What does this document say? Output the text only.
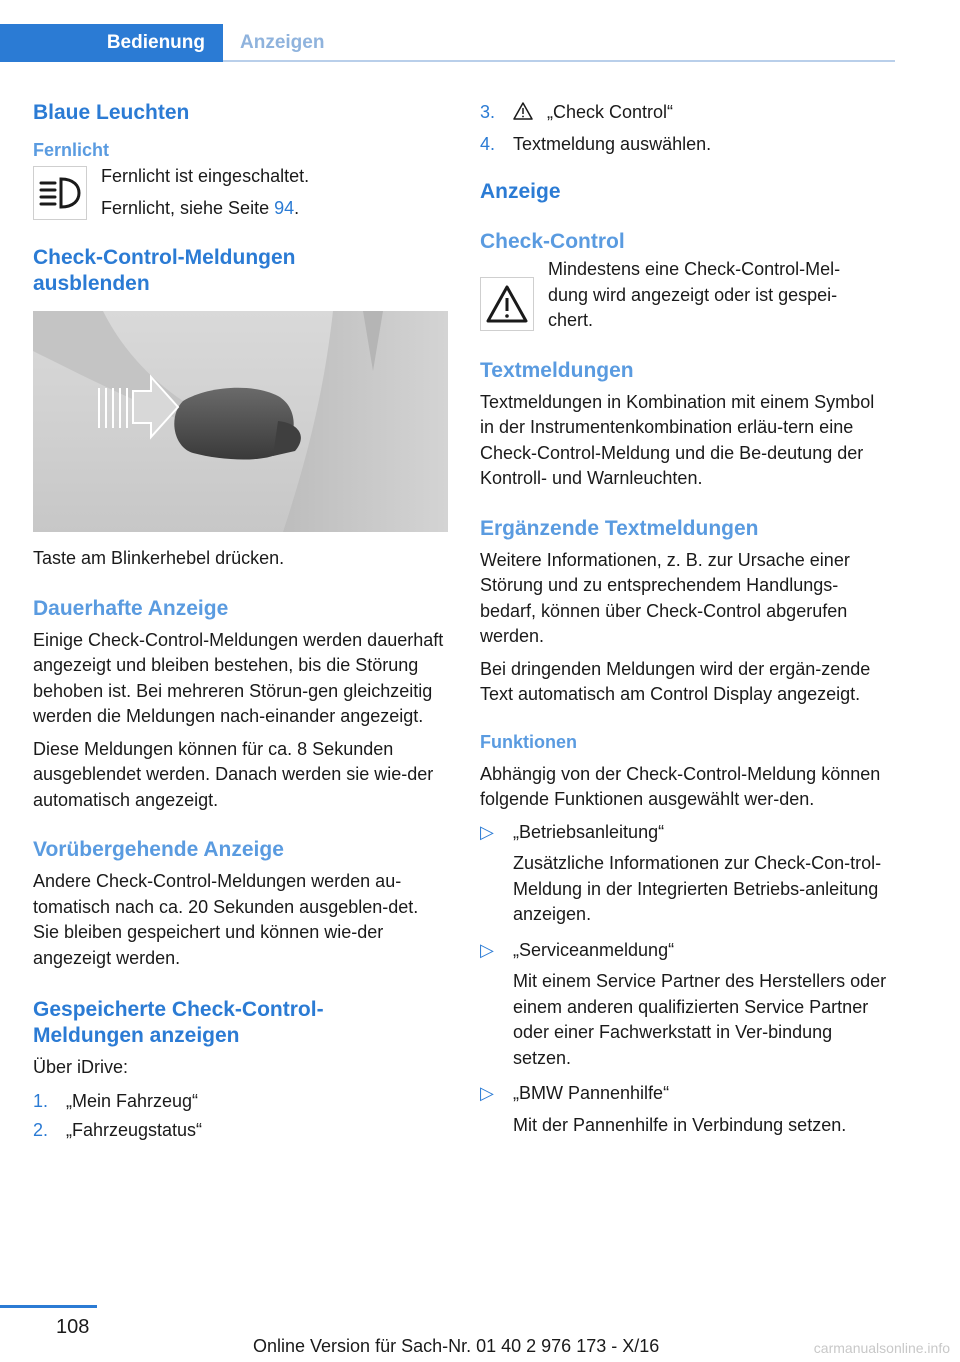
Bedienung	Anzeigen
Blaue Leuchten
Fernlicht

Fernlicht ist eingeschaltet.

Fernlicht, siehe Seite 94.

Check-Control-Meldungen ausblenden

Taste am Blinkerhebel drücken.

Dauerhafte Anzeige

Einige Check-Control-Meldungen werden dauerhaft angezeigt und bleiben bestehen, bis die Störung behoben ist. Bei mehreren Störun-gen gleichzeitig werden die Meldungen nach-einander angezeigt.

Diese Meldungen können für ca. 8 Sekunden ausgeblendet werden. Danach werden sie wie-der automatisch angezeigt.

Vorübergehende Anzeige

Andere Check-Control-Meldungen werden au-tomatisch nach ca. 20 Sekunden ausgeblen-det. Sie bleiben gespeichert und können wie-der angezeigt werden.

Gespeicherte Check-Control-Meldungen anzeigen

Über iDrive:

1. „Mein Fahrzeug“
2. „Fahrzeugstatus“
3.	„Check Control“
4. Textmeldung auswählen.
Anzeige
Check-Control

Mindestens eine Check-Control-Mel-dung wird angezeigt oder ist gespei-chert.

Textmeldungen

Textmeldungen in Kombination mit einem Symbol in der Instrumentenkombination erläu-tern eine Check-Control-Meldung und die Be-deutung der Kontroll- und Warnleuchten.

Ergänzende Textmeldungen

Weitere Informationen, z. B. zur Ursache einer Störung und zu entsprechendem Handlungs-bedarf, können über Check-Control abgerufen werden.

Bei dringenden Meldungen wird der ergän-zende Text automatisch am Control Display angezeigt.

Funktionen

Abhängig von der Check-Control-Meldung können folgende Funktionen ausgewählt wer-den.

▷	„Betriebsanleitung“
Zusätzliche Informationen zur Check-Con-trol-Meldung in der Integrierten Betriebs-anleitung anzeigen.
▷	„Serviceanmeldung“
Mit einem Service Partner des Herstellers oder einem anderen qualifizierten Service Partner oder einer Fachwerkstatt in Ver-bindung setzen.
▷	„BMW Pannenhilfe“
Mit der Pannenhilfe in Verbindung setzen.
108
Online Version für Sach-Nr. 01 40 2 976 173 - X/16	carmanualsonline.info
